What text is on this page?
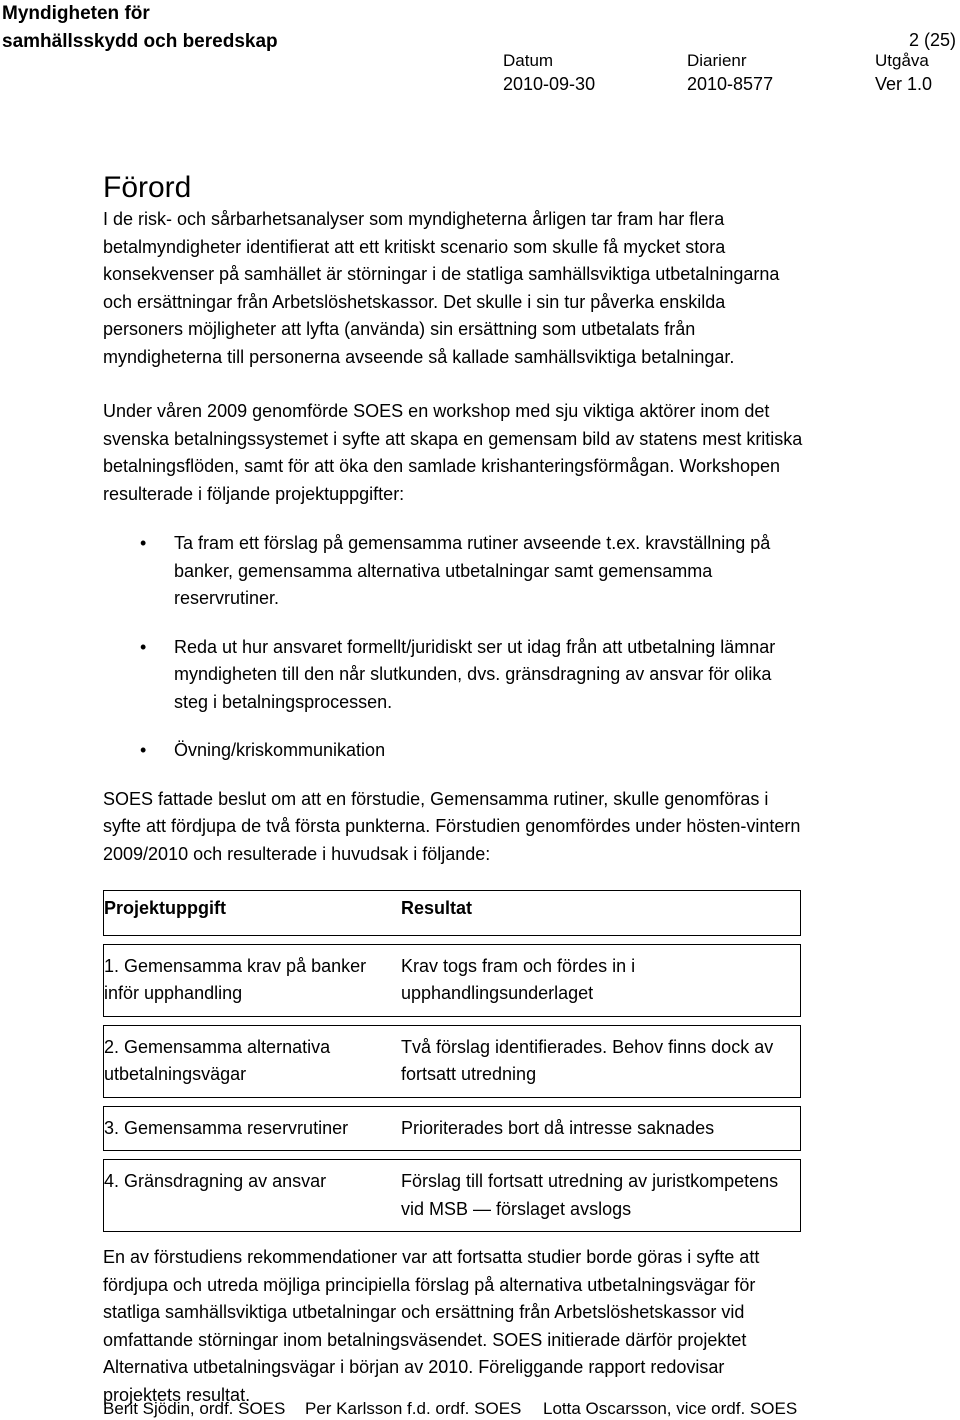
Myndigheten för
samhällsskydd och beredskap	2 (25)
Datum
2010-09-30
Diarienr
2010-8577
Utgåva
Ver 1.0
Förord

I de risk- och sårbarhetsanalyser som myndigheterna årligen tar fram har flera betalmyndigheter identifierat att ett kritiskt scenario som skulle få mycket stora konsekvenser på samhället är störningar i de statliga samhällsviktiga utbetalningarna och ersättningar från Arbetslöshetskassor. Det skulle i sin tur påverka enskilda personers möjligheter att lyfta (använda) sin ersättning som utbetalats från myndigheterna till personerna avseende så kallade samhällsviktiga betalningar.

Under våren 2009 genomförde SOES en workshop med sju viktiga aktörer inom det svenska betalningssystemet i syfte att skapa en gemensam bild av statens mest kritiska betalningsflöden, samt för att öka den samlade krishanteringsförmågan. Workshopen resulterade i följande projektuppgifter:

• Ta fram ett förslag på gemensamma rutiner avseende t.ex. kravställning på banker, gemensamma alternativa utbetalningar samt gemensamma reservrutiner.
• Reda ut hur ansvaret formellt/juridiskt ser ut idag från att utbetalning lämnar myndigheten till den når slutkunden, dvs. gränsdragning av ansvar för olika steg i betalningsprocessen.
• Övning/kriskommunikation

SOES fattade beslut om att en förstudie, Gemensamma rutiner, skulle genomföras i syfte att fördjupa de två första punkterna. Förstudien genomfördes under hösten-vintern 2009/2010 och resulterade i huvudsak i följande:

Projektuppgift	Resultat

1. Gemensamma krav på banker inför upphandling	Krav togs fram och fördes in i upphandlingsunderlaget

2. Gemensamma alternativa utbetalningsvägar	Två förslag identifierades. Behov finns dock av fortsatt utredning

3. Gemensamma reservrutiner	Prioriterades bort då intresse saknades

4. Gränsdragning av ansvar	Förslag till fortsatt utredning av juristkompetens vid MSB — förslaget avslogs

En av förstudiens rekommendationer var att fortsatta studier borde göras i syfte att fördjupa och utreda möjliga principiella förslag på alternativa utbetalningsvägar för statliga samhällsviktiga utbetalningar och ersättning från Arbetslöshetskassor vid omfattande störningar inom betalningsväsendet. SOES initierade därför projektet Alternativa utbetalningsvägar i början av 2010. Föreliggande rapport redovisar projektets resultat.

Berit Sjödin, ordf. SOES Per Karlsson f.d. ordf. SOES Lotta Oscarsson, vice ordf. SOES
